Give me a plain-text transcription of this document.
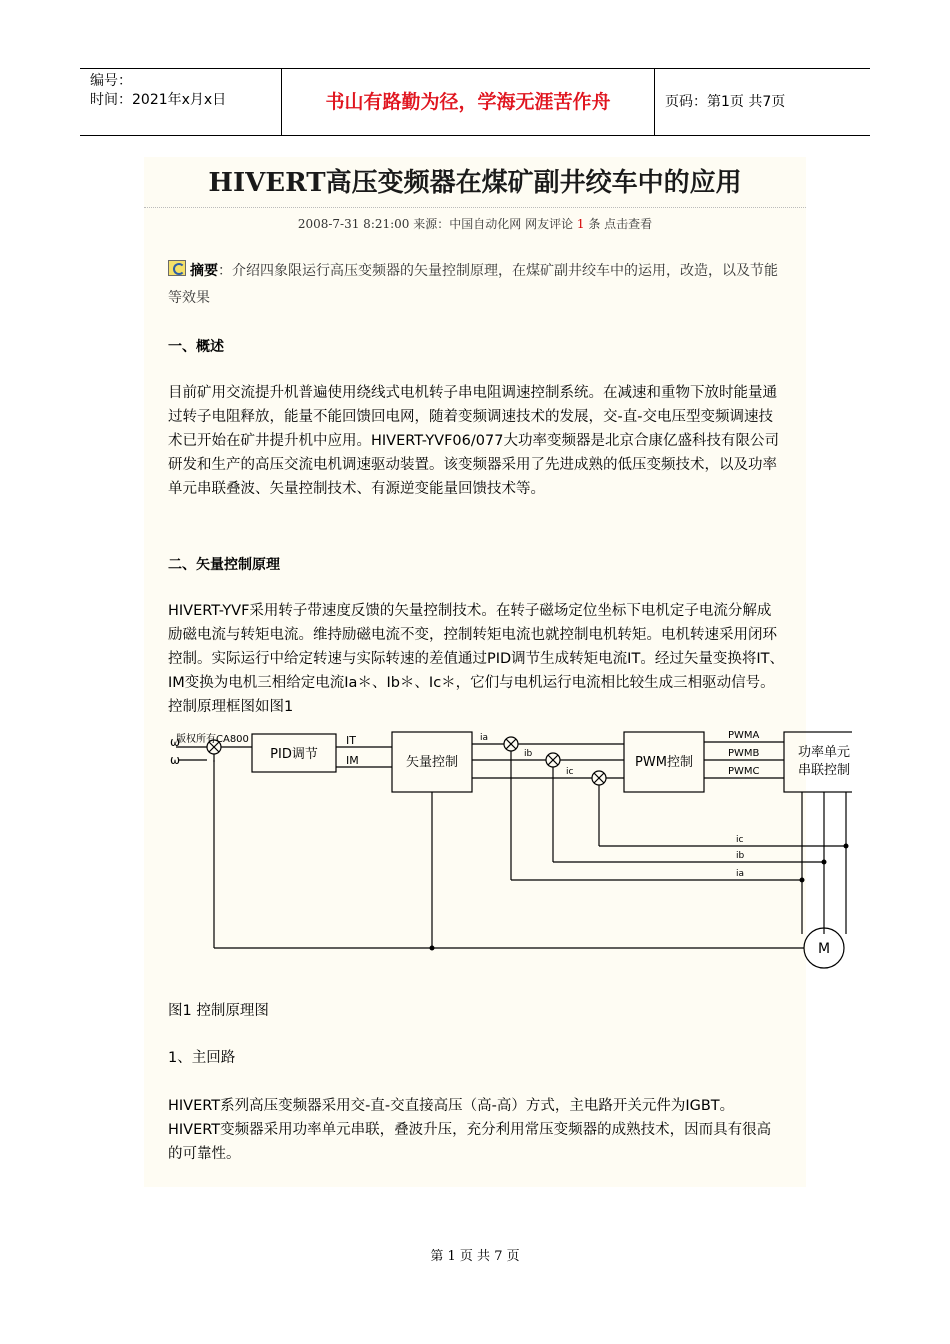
编号：
时间：2021年x月x日	书山有路勤为径，学海无涯苦作舟	页码：第1页 共7页
HIVERT高压变频器在煤矿副井绞车中的应用
2008-7-31 8:21:00 来源：中国自动化网 网友评论 1 条 点击查看
摘要：介绍四象限运行高压变频器的矢量控制原理，在煤矿副井绞车中的运用，改造，以及节能等效果
一、概述
目前矿用交流提升机普遍使用绕线式电机转子串电阻调速控制系统。在减速和重物下放时能量通过转子电阻释放，能量不能回馈回电网，随着变频调速技术的发展，交-直-交电压型变频调速技术已开始在矿井提升机中应用。HIVERT-YVF06/077大功率变频器是北京合康亿盛科技有限公司研发和生产的高压交流电机调速驱动装置。该变频器采用了先进成熟的低压变频技术，以及功率单元串联叠波、矢量控制技术、有源逆变能量回馈技术等。
二、矢量控制原理
HIVERT-YVF采用转子带速度反馈的矢量控制技术。在转子磁场定位坐标下电机定子电流分解成励磁电流与转矩电流。维持励磁电流不变，控制转矩电流也就控制电机转矩。电机转速采用闭环控制。实际运行中给定转速与实际转速的差值通过PID调节生成转矩电流IT。经过矢量变换将IT、IM变换为电机三相给定电流Ia＊、Ib＊、Ic＊，它们与电机运行电流相比较生成三相驱动信号。控制原理框图如图1
版权所有CA800
ω
ω	PID调节
IT
IM	矢量控制
ia
ib
ic
PWM控制
PWMA
PWMB
PWMC
功率单元
串联控制
ic
ib
ia
M
图1 控制原理图
1、主回路
HIVERT系列高压变频器采用交-直-交直接高压（高-高）方式，主电路开关元件为IGBT。HIVERT变频器采用功率单元串联，叠波升压，充分利用常压变频器的成熟技术，因而具有很高的可靠性。
第 1 页 共 7 页
